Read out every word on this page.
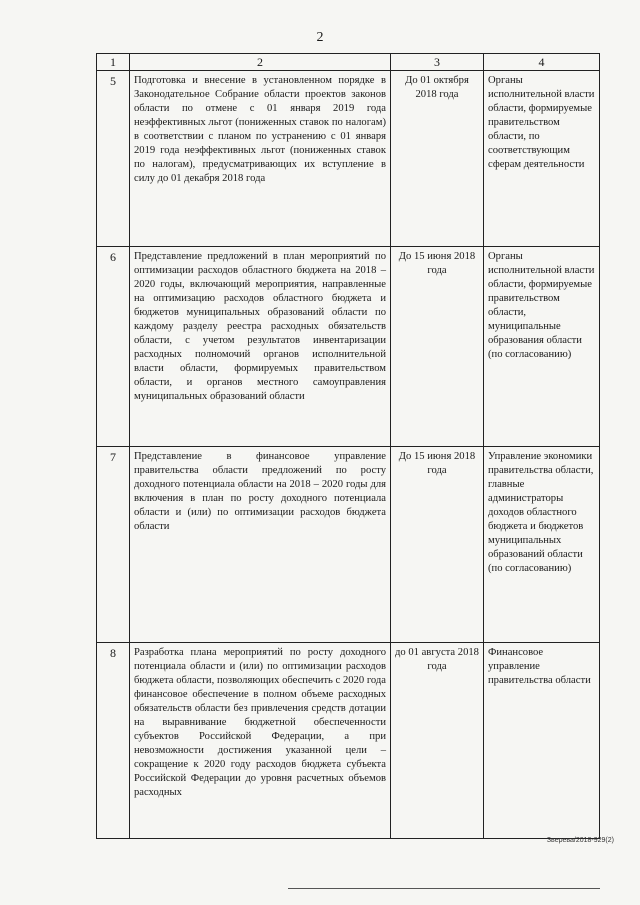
2
1	2	3	4
5	Подготовка и внесение в установленном порядке в Законодательное Собрание области проектов законов области по отмене с 01 января 2019 года неэффективных льгот (пониженных ставок по налогам) в соответствии с планом по устранению с 01 января 2019 года неэффективных льгот (пониженных ставок по налогам), предусматривающих их вступление в силу до 01 декабря 2018 года	До 01 октября 2018 года	Органы исполнительной власти области, формируемые правительством области, по соответствующим сферам деятельности
6	Представление предложений в план мероприятий по оптимизации расходов областного бюджета на 2018 – 2020 годы, включающий мероприятия, направленные на оптимизацию расходов областного бюджета и бюджетов муниципальных образований области по каждому разделу реестра расходных обязательств области, с учетом результатов инвентаризации расходных полномочий органов исполнительной власти области, формируемых правительством области, и органов местного самоуправления муниципальных образований области	До 15 июня 2018 года	Органы исполнительной власти области, формируемые правительством области, муниципальные образования области (по согласованию)
7	Представление в финансовое управление правительства области предложений по росту доходного потенциала области на 2018 – 2020 годы для включения в план по росту доходного потенциала области и (или) по оптимизации расходов бюджета области	До 15 июня 2018 года	Управление экономики правительства области, главные администраторы доходов областного бюджета и бюджетов муниципальных образований области (по согласованию)
8	Разработка плана мероприятий по росту доходного потенциала области и (или) по оптимизации расходов бюджета области, позволяющих обеспечить с 2020 года финансовое обеспечение в полном объеме расходных обязательств области без привлечения средств дотации на выравнивание бюджетной обеспеченности субъектов Российской Федерации, а при невозможности достижения указанной цели – сокращение к 2020 году расходов бюджета субъекта Российской Федерации до уровня расчетных объемов расходных	до 01 августа 2018 года	Финансовое управление правительства области
Зверева/2018-929(2)
